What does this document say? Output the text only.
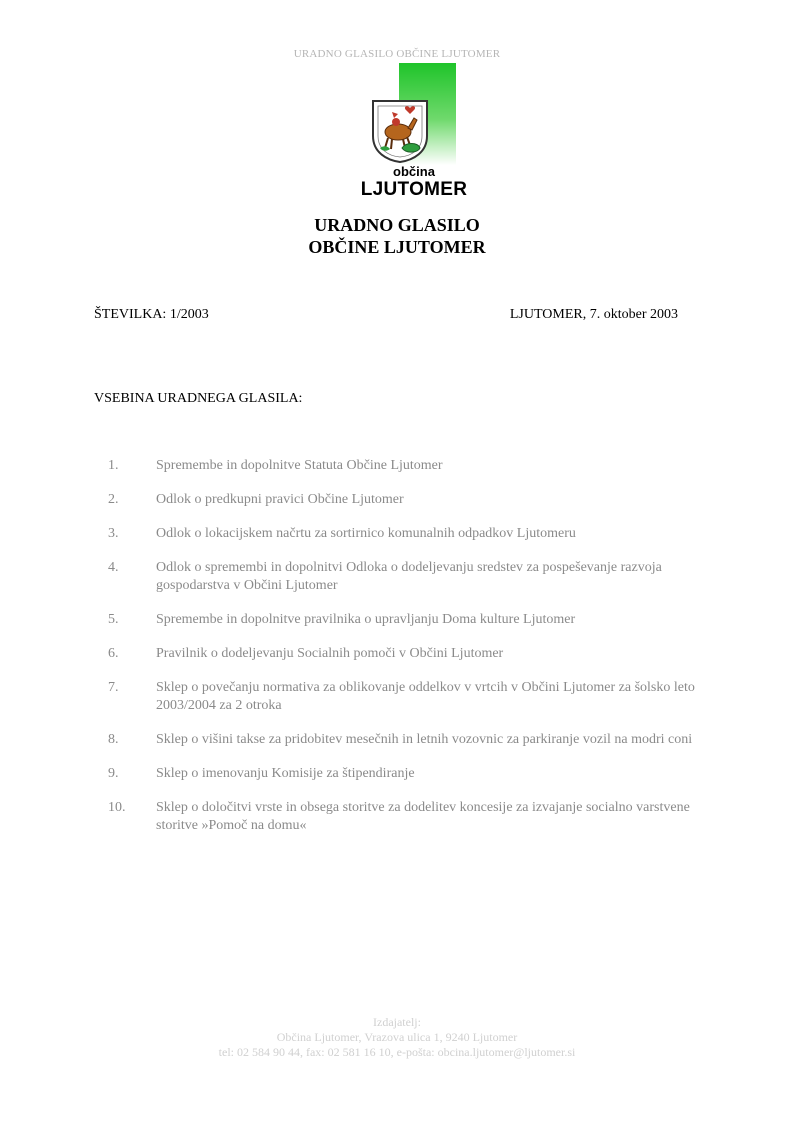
URADNO GLASILO OBČINE LJUTOMER
občina
LJUTOMER
URADNO GLASILO
OBČINE LJUTOMER
ŠTEVILKA: 1/2003	LJUTOMER, 7. oktober 2003
VSEBINA URADNEGA GLASILA:
1.	Spremembe in dopolnitve Statuta Občine Ljutomer
2.	Odlok o predkupni pravici Občine Ljutomer
3.	Odlok o lokacijskem načrtu za sortirnico komunalnih odpadkov Ljutomeru
4.	Odlok o spremembi in dopolnitvi Odloka o dodeljevanju sredstev za pospeševanje razvoja gospodarstva v Občini Ljutomer
5.	Spremembe in dopolnitve pravilnika o upravljanju Doma kulture Ljutomer
6.	Pravilnik o dodeljevanju Socialnih pomoči v Občini Ljutomer
7.	Sklep o povečanju normativa za oblikovanje oddelkov v vrtcih v Občini Ljutomer za šolsko leto 2003/2004 za 2 otroka
8.	Sklep o višini takse za pridobitev mesečnih in letnih vozovnic za parkiranje vozil na modri coni
9.	Sklep o imenovanju Komisije za štipendiranje
10.	Sklep o določitvi vrste in obsega storitve za dodelitev koncesije za izvajanje socialno varstvene storitve »Pomoč na domu«
Izdajatelj:
Občina Ljutomer, Vrazova ulica 1, 9240 Ljutomer
tel: 02 584 90 44, fax: 02 581 16 10, e-pošta: obcina.ljutomer@ljutomer.si
